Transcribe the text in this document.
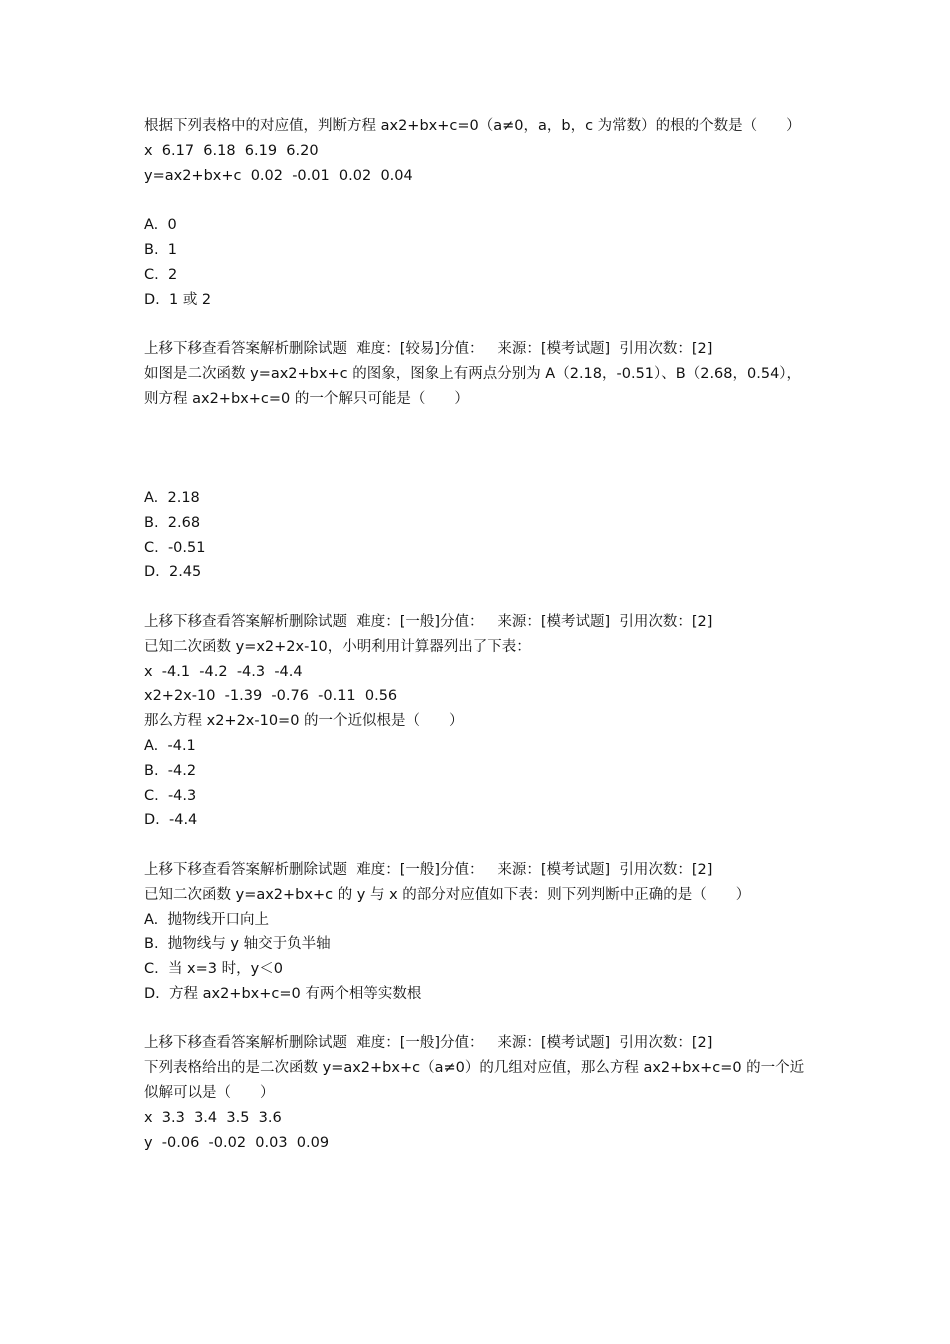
根据下列表格中的对应值，判断方程 ax2+bx+c=0（a≠0，a，b，c 为常数）的根的个数是（　　）
x  6.17  6.18  6.19  6.20
y=ax2+bx+c  0.02  -0.01  0.02  0.04
A.  0
B.  1
C.  2
D.  1 或 2
上移下移查看答案解析删除试题  难度：[较易]分值：   来源：[模考试题]  引用次数：[2]
如图是二次函数 y=ax2+bx+c 的图象，图象上有两点分别为 A（2.18，-0.51）、B（2.68，0.54），则方程 ax2+bx+c=0 的一个解只可能是（　　）
A.  2.18
B.  2.68
C.  -0.51
D.  2.45
上移下移查看答案解析删除试题  难度：[一般]分值：   来源：[模考试题]  引用次数：[2]
已知二次函数 y=x2+2x-10，小明利用计算器列出了下表：
x  -4.1  -4.2  -4.3  -4.4
x2+2x-10  -1.39  -0.76  -0.11  0.56
那么方程 x2+2x-10=0 的一个近似根是（　　）
A.  -4.1
B.  -4.2
C.  -4.3
D.  -4.4
上移下移查看答案解析删除试题  难度：[一般]分值：   来源：[模考试题]  引用次数：[2]
已知二次函数 y=ax2+bx+c 的 y 与 x 的部分对应值如下表：则下列判断中正确的是（　　）
A.  抛物线开口向上
B.  抛物线与 y 轴交于负半轴
C.  当 x=3 时，y＜0
D.  方程 ax2+bx+c=0 有两个相等实数根
上移下移查看答案解析删除试题  难度：[一般]分值：   来源：[模考试题]  引用次数：[2]
下列表格给出的是二次函数 y=ax2+bx+c（a≠0）的几组对应值，那么方程 ax2+bx+c=0 的一个近似解可以是（　　）
x  3.3  3.4  3.5  3.6
y  -0.06  -0.02  0.03  0.09
